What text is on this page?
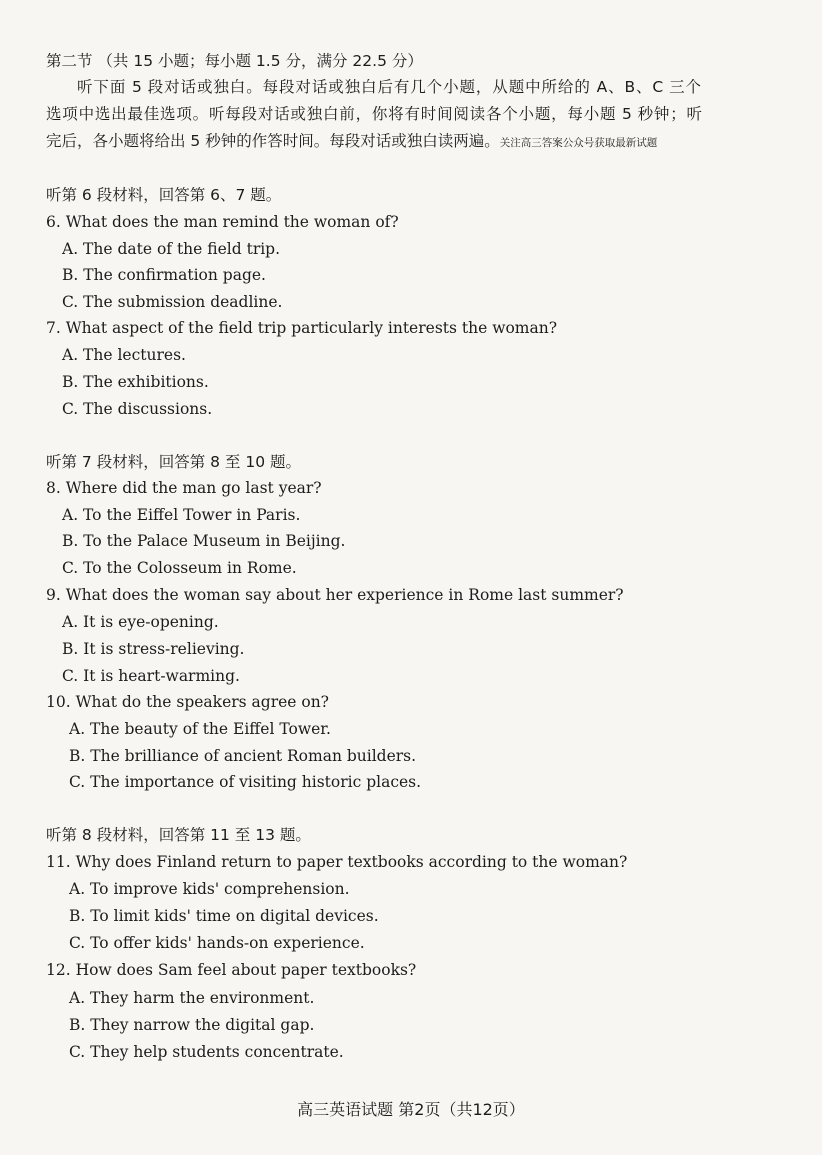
第二节 （共 15 小题；每小题 1.5 分，满分 22.5 分）
听下面 5 段对话或独白。每段对话或独白后有几个小题，从题中所给的 A、B、C 三个
选项中选出最佳选项。听每段对话或独白前，你将有时间阅读各个小题，每小题 5 秒钟；听
完后，各小题将给出 5 秒钟的作答时间。每段对话或独白读两遍。关注高三答案公众号获取最新试题
听第 6 段材料，回答第 6、7 题。
6. What does the man remind the woman of?
A. The date of the field trip.
B. The confirmation page.
C. The submission deadline.
7. What aspect of the field trip particularly interests the woman?
A. The lectures.
B. The exhibitions.
C. The discussions.
听第 7 段材料，回答第 8 至 10 题。
8. Where did the man go last year?
A. To the Eiffel Tower in Paris.
B. To the Palace Museum in Beijing.
C. To the Colosseum in Rome.
9. What does the woman say about her experience in Rome last summer?
A. It is eye-opening.
B. It is stress-relieving.
C. It is heart-warming.
10. What do the speakers agree on?
A. The beauty of the Eiffel Tower.
B. The brilliance of ancient Roman builders.
C. The importance of visiting historic places.
听第 8 段材料，回答第 11 至 13 题。
11. Why does Finland return to paper textbooks according to the woman?
A. To improve kids' comprehension.
B. To limit kids' time on digital devices.
C. To offer kids' hands-on experience.
12. How does Sam feel about paper textbooks?
A. They harm the environment.
B. They narrow the digital gap.
C. They help students concentrate.
高三英语试题 第2页（共12页）
